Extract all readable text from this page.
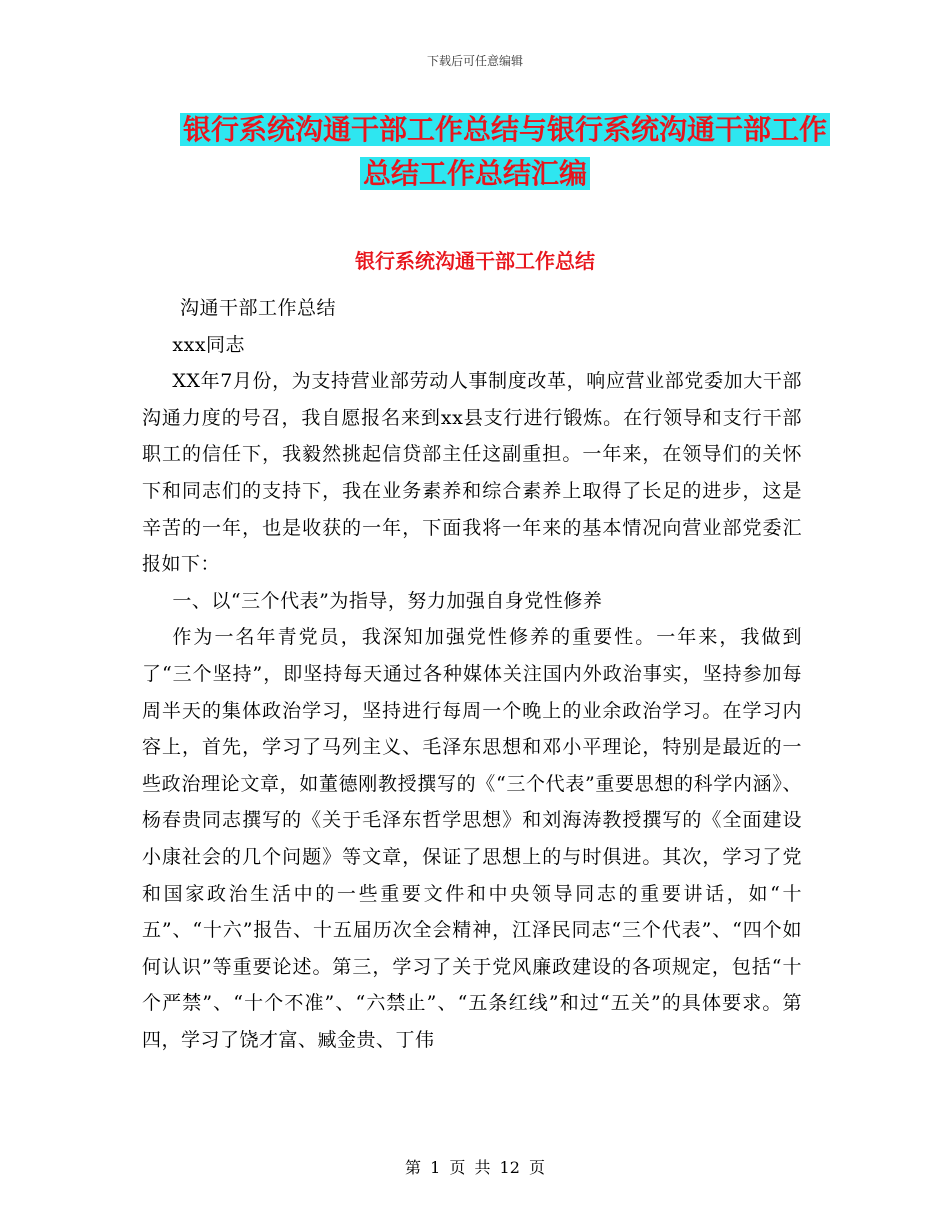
下载后可任意编辑
银行系统沟通干部工作总结与银行系统沟通干部工作
总结工作总结汇编
银行系统沟通干部工作总结

沟通干部工作总结

xxx同志

XX年7月份，为支持营业部劳动人事制度改革，响应营业部党委加大干部沟通力度的号召，我自愿报名来到xx县支行进行锻炼。在行领导和支行干部职工的信任下，我毅然挑起信贷部主任这副重担。一年来，在领导们的关怀下和同志们的支持下，我在业务素养和综合素养上取得了长足的进步，这是辛苦的一年，也是收获的一年，下面我将一年来的基本情况向营业部党委汇报如下：

一、以“三个代表”为指导，努力加强自身党性修养

作为一名年青党员，我深知加强党性修养的重要性。一年来，我做到了“三个坚持”，即坚持每天通过各种媒体关注国内外政治事实，坚持参加每周半天的集体政治学习，坚持进行每周一个晚上的业余政治学习。在学习内容上，首先，学习了马列主义、毛泽东思想和邓小平理论，特别是最近的一些政治理论文章，如董德刚教授撰写的《“三个代表”重要思想的科学内涵》、杨春贵同志撰写的《关于毛泽东哲学思想》和刘海涛教授撰写的《全面建设小康社会的几个问题》等文章，保证了思想上的与时俱进。其次，学习了党和国家政治生活中的一些重要文件和中央领导同志的重要讲话，如“十五”、“十六”报告、十五届历次全会精神，江泽民同志“三个代表”、“四个如何认识”等重要论述。第三，学习了关于党风廉政建设的各项规定，包括“十个严禁”、“十个不准”、“六禁止”、“五条红线”和过“五关”的具体要求。第四，学习了饶才富、臧金贵、丁伟

第 1 页 共 12 页
